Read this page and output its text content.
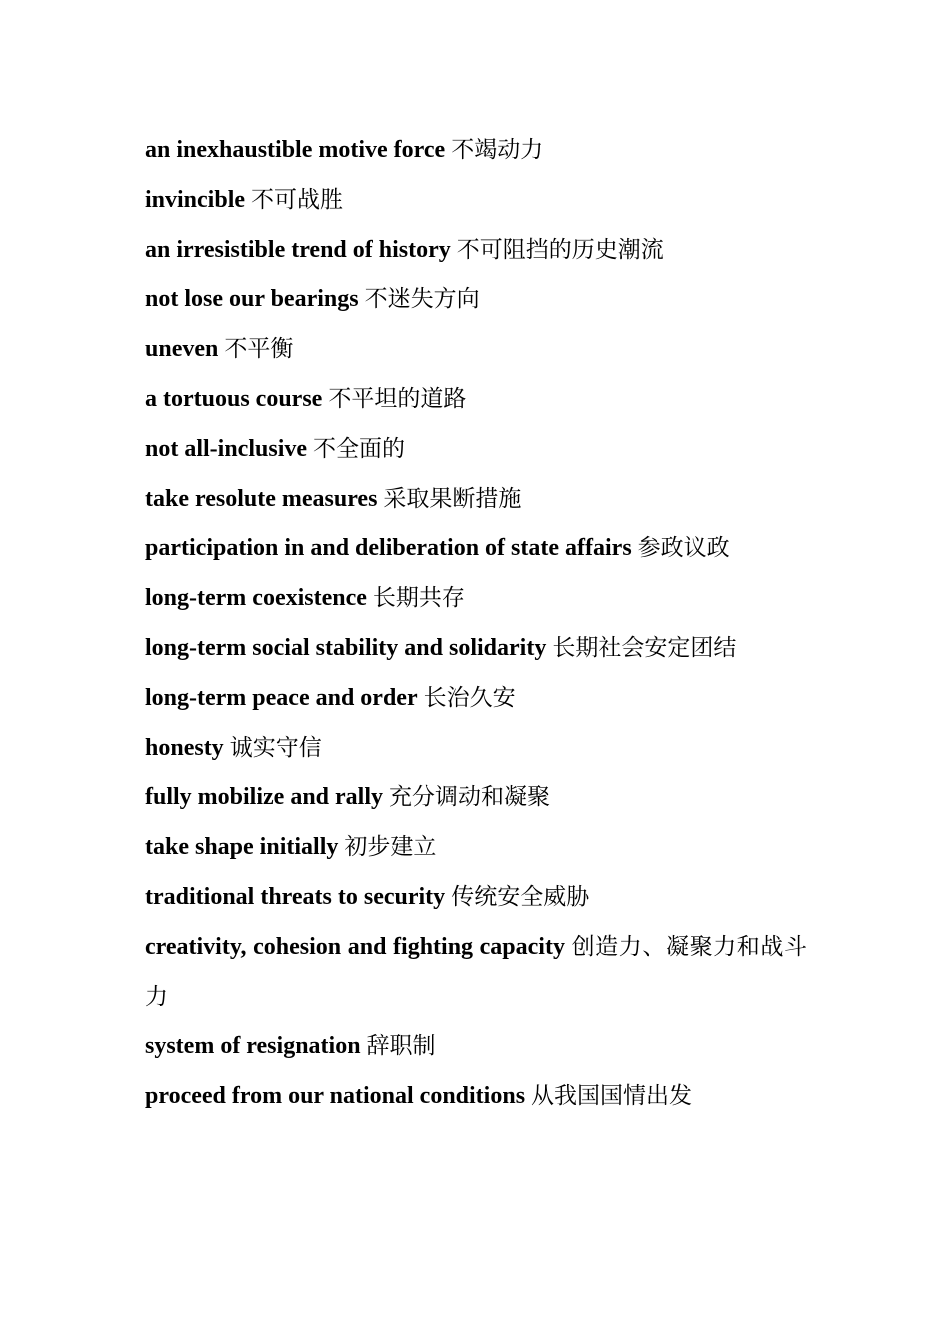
an inexhaustible motive force 不竭动力

invincible 不可战胜

an irresistible trend of history 不可阻挡的历史潮流

not lose our bearings 不迷失方向

uneven 不平衡

a tortuous course 不平坦的道路

not all-inclusive 不全面的

take resolute measures 采取果断措施

participation in and deliberation of state affairs 参政议政

long-term coexistence 长期共存

long-term social stability and solidarity 长期社会安定团结

long-term peace and order 长治久安

honesty 诚实守信

fully mobilize and rally 充分调动和凝聚

take shape initially 初步建立

traditional threats to security 传统安全威胁

creativity, cohesion and fighting capacity 创造力、凝聚力和战斗力

system of resignation 辞职制

proceed from our national conditions 从我国国情出发
